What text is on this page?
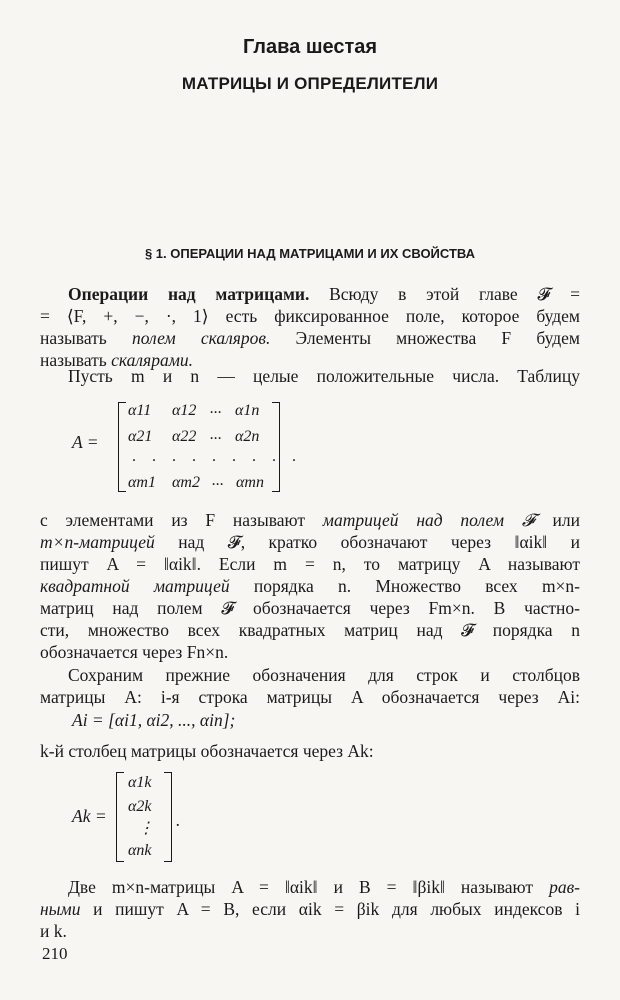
Глава шестая
МАТРИЦЫ И ОПРЕДЕЛИТЕЛИ
§ 1. ОПЕРАЦИИ НАД МАТРИЦАМИ И ИХ СВОЙСТВА
Операции над матрицами. Всюду в этой главе 𝓕 =
= ⟨F, +, −, ·, 1⟩ есть фиксированное поле, которое будем
называть полем скаляров. Элементы множества F будем
называть скалярами.
Пусть m и n — целые положительные числа. Таблицу
A =
α11 α12 ... α1n
α21 α22 ... α2n
. . . . . . . . .
αm1 αm2 ... αmn
с элементами из F называют матрицей над полем 𝓕 или
m×n-матрицей над 𝓕, кратко обозначают через ‖αik‖ и
пишут A = ‖αik‖. Если m = n, то матрицу A называют
квадратной матрицей порядка n. Множество всех m×n-
матриц над полем 𝓕 обозначается через Fm×n. В частно-
сти, множество всех квадратных матриц над 𝓕 порядка n
обозначается через Fn×n.
Сохраним прежние обозначения для строк и столбцов
матрицы A: i-я строка матрицы A обозначается через Ai:
Ai = [αi1, αi2, ..., αin];
k-й столбец матрицы обозначается через Ak:
Ak =
α1k
α2k
⋮
αnk
.
Две m×n-матрицы A = ‖αik‖ и B = ‖βik‖ называют рав-
ными и пишут A = B, если αik = βik для любых индексов i
и k.
210
